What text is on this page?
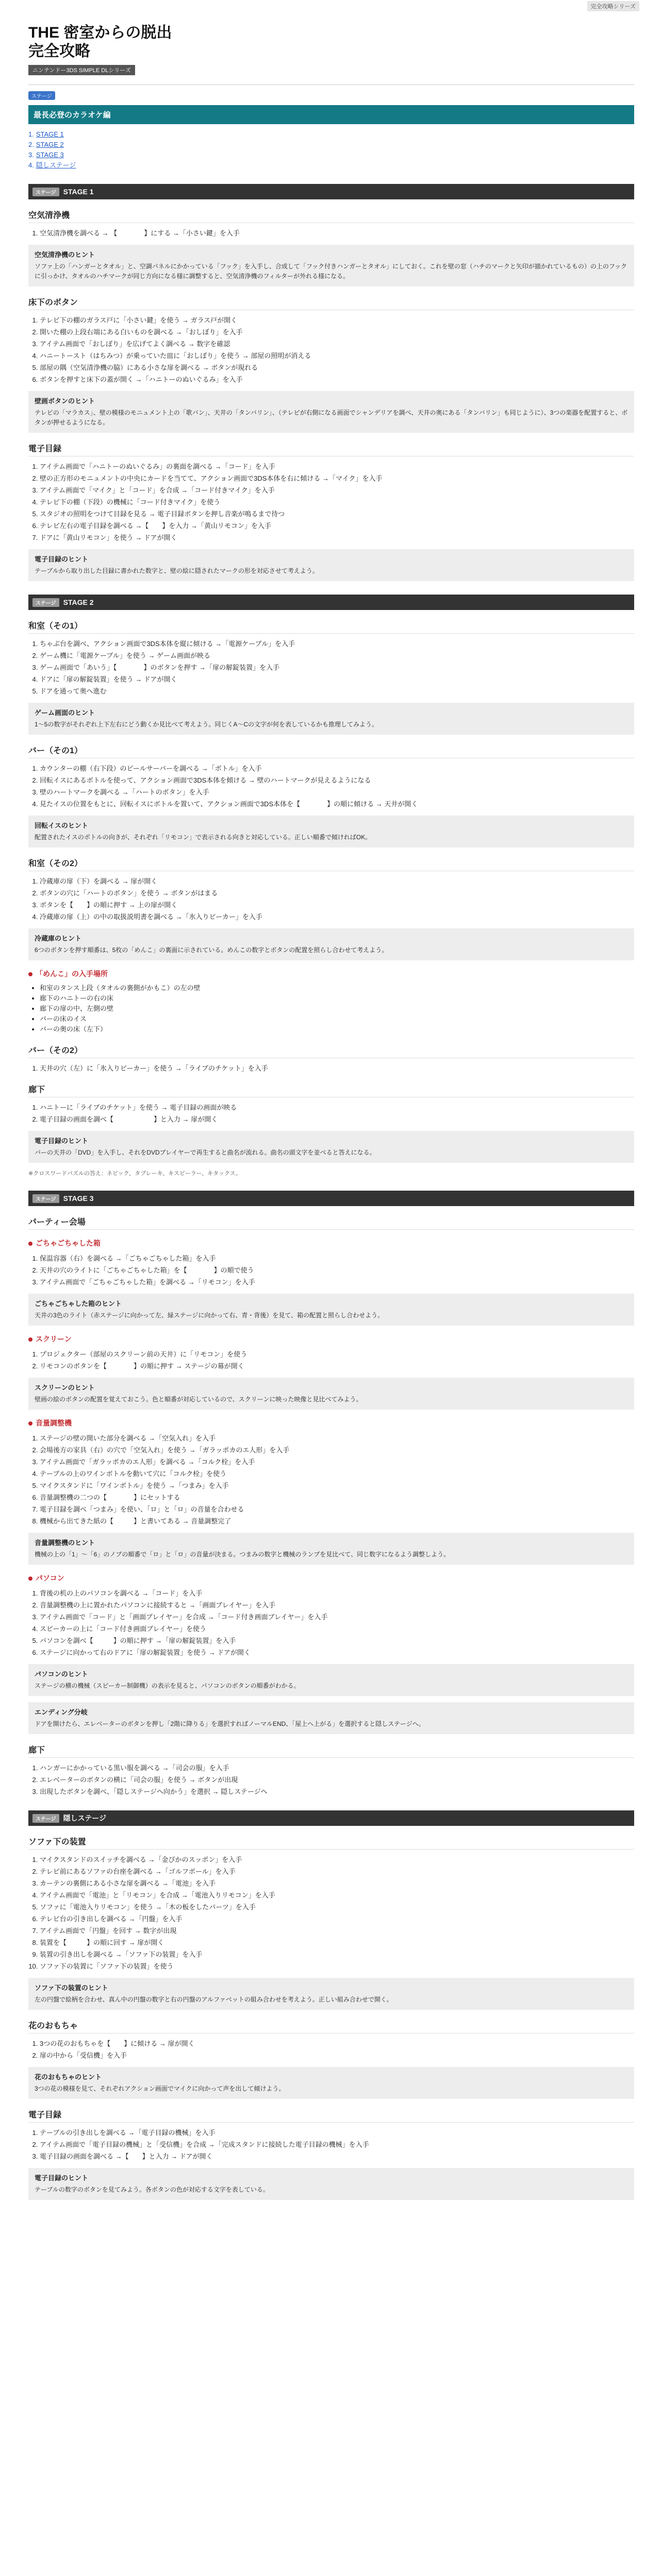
完全攻略シリーズ
THE 密室からの脱出
完全攻略
ニンテンドー3DS SIMPLE DLシリーズ
ステージ
最長必登のカラオケ編
1. STAGE 1
2. STAGE 2
3. STAGE 3
4. 隠しステージ
ステージ	STAGE 1
空気清浄機
1. 空気清浄機を調べる → 【　　　　】にする →「小さい鍵」を入手
空気清浄機のヒント
ソファ上の「ハンガーとタオル」と、空調パネルにかかっている「フック」を入手し、合成して「フック付きハンガーとタオル」にしておく。これを壁の窓（ハチのマークと矢印が描かれているもの）の上のフックに引っかけ、タオルのハチマークが同じ方向になる様に調整すると、空気清浄機のフィルターが外れる様になる。
床下のボタン
1. テレビ下の棚のガラス戸に「小さい鍵」を使う → ガラス戸が開く
2. 開いた棚の上段右端にある白いものを調べる →「おしぼり」を入手
3. アイテム画面で「おしぼり」を広げてよく調べる → 数字を確認
4. ハニートースト（はちみつ）が乗っていた皿に「おしぼり」を使う → 部屋の照明が消える
5. 部屋の隅（空気清浄機の脇）にある小さな扉を調べる → ボタンが現れる
6. ボタンを押すと床下の蓋が開く →「ハニトーのぬいぐるみ」を入手
壁画ボタンのヒント
テレビの「マラカス」、壁の模様のモニュメント上の「歌バン」、天井の「タンバリン」、（テレビが右側になる画面でシャンデリアを調べ、天井の奥にある「タンバリン」も同じように）、3つの楽器を配置すると、ボタンが押せるようになる。
電子目録
1. アイテム画面で「ハニトーのぬいぐるみ」の裏面を調べる →「コード」を入手
2. 壁の正方形のモニュメントの中央にカードを当てて、アクション画面で3DS本体を右に傾ける →「マイク」を入手
3. アイテム画面で「マイク」と「コード」を合成 →「コード付きマイク」を入手
4. テレビ下の棚（下段）の機械に「コード付きマイク」を使う
5. スタジオの照明をつけて目録を見る → 電子目録ボタンを押し音楽が鳴るまで待つ
6. テレビ左右の電子目録を調べる →【　　】を入力 →「黄山リモコン」を入手
7. ドアに「黄山リモコン」を使う → ドアが開く
電子目録のヒント
テーブルから取り出した目録に書かれた数字と、壁の絵に隠されたマークの形を対応させて考えよう。
ステージ	STAGE 2
和室（その1）
1. ちゃぶ台を調べ、アクション画面で3DS本体を縦に傾ける →「電源ケーブル」を入手
2. ゲーム機に「電源ケーブル」を使う → ゲーム画面が映る
3. ゲーム画面で「あいう」【　　　　】のボタンを押す →「扉の解錠装置」を入手
4. ドアに「扉の解錠装置」を使う → ドアが開く
5. ドアを通って奥へ進む
ゲーム画面のヒント
1〜5の数字がそれぞれ上下左右にどう動くか見比べて考えよう。同じくA〜Cの文字が何を表しているかも推理してみよう。
バー（その1）
1. カウンターの棚（右下段）のビールサーバーを調べる →「ボトル」を入手
2. 回転イスにあるボトルを使って、アクション画面で3DS本体を傾ける → 壁のハートマークが見えるようになる
3. 壁のハートマークを調べる →「ハートのボタン」を入手
4. 見たイスの位置をもとに、回転イスにボトルを置いて、アクション画面で3DS本体を【　　　　】の順に傾ける → 天井が開く
回転イスのヒント
配置されたイスのボトルの向きが、それぞれ「リモコン」で表示される向きと対応している。正しい順番で傾ければOK。
和室（その2）
1. 冷蔵庫の扉（下）を調べる → 扉が開く
2. ボタンの穴に「ハートのボタン」を使う → ボタンがはまる
3. ボタンを【　　】の順に押す → 上の扉が開く
4. 冷蔵庫の扉（上）の中の取扱説明書を調べる →「氷入りビーカー」を入手
冷蔵庫のヒント
6つのボタンを押す順番は、5枚の「めんこ」の裏面に示されている。めんこの数字とボタンの配置を照らし合わせて考えよう。
「めんこ」の入手場所
• 和室のタンス上段（タオルの裏側がかもこ）の左の壁
• 廊下のハニトーの右の床
• 廊下の扉の中、左側の壁
• バーの床のイス
• バーの奥の床（左下）
バー（その2）
1. 天井の穴（左）に「氷入りビーカー」を使う →「ライブのチケット」を入手
廊下
1. ハニトーに「ライブのチケット」を使う → 電子目録の画面が映る
2. 電子目録の画面を調べ【　　　　　　】と入力 → 扉が開く
電子目録のヒント
バーの天井の「DVD」を入手し、それをDVDプレイヤーで再生すると曲名が流れる。曲名の頭文字を並べると答えになる。
※クロスワードパズルの答え：ネビック、タブレーキ、キスビーラー、キタックス。
ステージ	STAGE 3
パーティー会場
ごちゃごちゃした箱
1. 保温容器（右）を調べる →「ごちゃごちゃした箱」を入手
2. 天井の穴のライトに「ごちゃごちゃした箱」を【　　　　】の順で使う
3. アイテム画面で「ごちゃごちゃした箱」を調べる →「リモコン」を入手
ごちゃごちゃした箱のヒント
天井の3色のライト（赤ステージに向かって左、緑ステージに向かって右、青・背後）を見て、箱の配置と照らし合わせよう。
スクリーン
1. プロジェクター（部屋のスクリーン前の天井）に「リモコン」を使う
2. リモコンのボタンを【　　　　】の順に押す → ステージの幕が開く
スクリーンのヒント
壁画の絵のボタンの配置を覚えておこう。色と順番が対応しているので、スクリーンに映った映像と見比べてみよう。
音量調整機
1. ステージの壁の開いた部分を調べる →「空気入れ」を入手
2. 会場後方の家具（右）の穴で「空気入れ」を使う →「ガラッポカのエ人形」を入手
3. アイテム画面で「ガラッポカのエ人形」を調べる →「コルク栓」を入手
4. テーブルの上のワインボトルを動いて穴に「コルク栓」を使う
5. マイクスタンドに「ワインボトル」を使う →「つまみ」を入手
6. 音量調整機の二つの【　　　　】にセットする
7. 電子目録を調べ「つまみ」を使い、「ロ」と「ロ」の音量を合わせる
8. 機械から出てきた紙の【　　　】と書いてある → 音量調整完了
音量調整機のヒント
機械の上の「1」〜「6」のノブの順番で「ロ」と「ロ」の音量が決まる。つまみの数字と機械のランプを見比べて、同じ数字になるよう調整しよう。
パソコン
1. 背後の机の上のパソコンを調べる →「コード」を入手
2. 音量調整機の上に置かれたパソコンに接続すると →「画面ブレイヤー」を入手
3. アイテム画面で「コード」と「画面ブレイヤー」を合成 →「コード付き画面ブレイヤー」を入手
4. スピーカーの上に「コード付き画面ブレイヤー」を使う
5. パソコンを調べ【　　　】の順に押す →「扉の解錠装置」を入手
6. ステージに向かって右のドアに「扉の解錠装置」を使う → ドアが開く
パソコンのヒント
ステージの横の機械（スピーカー制御機）の表示を見ると、パソコンのボタンの順番がわかる。
エンディング分岐
ドアを開けたら、エレベーターのボタンを押し「2階に降りる」を選択すればノーマルEND、「屋上へ上がる」を選択すると隠しステージへ。
廊下
1. ハンガーにかかっている黒い服を調べる →「司会の服」を入手
2. エレベーターのボタンの横に「司会の服」を使う → ボタンが出現
3. 出現したボタンを調べ、「隠しステージへ向かう」を選択 → 隠しステージへ
ステージ	隠しステージ
ソファ下の装置
1. マイクスタンドのスイッチを調べる →「金びかのスッポン」を入手
2. テレビ前にあるソファの台座を調べる →「ゴルフボール」を入手
3. カーテンの裏側にある小さな扉を調べる →「電池」を入手
4. アイテム画面で「電池」と「リモコン」を合成 →「電池入りリモコン」を入手
5. ソファに「電池入りリモコン」を使う →「木の板をしたパーツ」を入手
6. テレビ台の引き出しを調べる →「円盤」を入手
7. アイテム画面で「円盤」を回す → 数字が出現
8. 装置を【　　　】の順に回す → 扉が開く
9. 装置の引き出しを調べる →「ソファ下の装置」を入手
10. ソファ下の装置に「ソファ下の装置」を使う
ソファ下の装置のヒント
左の円盤で絵柄を合わせ、真ん中の円盤の数字と右の円盤のアルファベットの組み合わせを考えよう。正しい組み合わせで開く。
花のおもちゃ
1. 3つの花のおもちゃを【　　】に傾ける → 扉が開く
2. 扉の中から「受信機」を入手
花のおもちゃのヒント
3つの花の模様を見て、それぞれアクション画面でマイクに向かって声を出して傾けよう。
電子目録
1. テーブルの引き出しを調べる →「電子目録の機械」を入手
2. アイテム画面で「電子目録の機械」と「受信機」を合成 →「完成スタンドに接続した電子目録の機械」を入手
3. 電子目録の画面を調べる →【　　】と入力 → ドアが開く
電子目録のヒント
テーブルの数字のボタンを見てみよう。各ボタンの色が対応する文字を表している。
